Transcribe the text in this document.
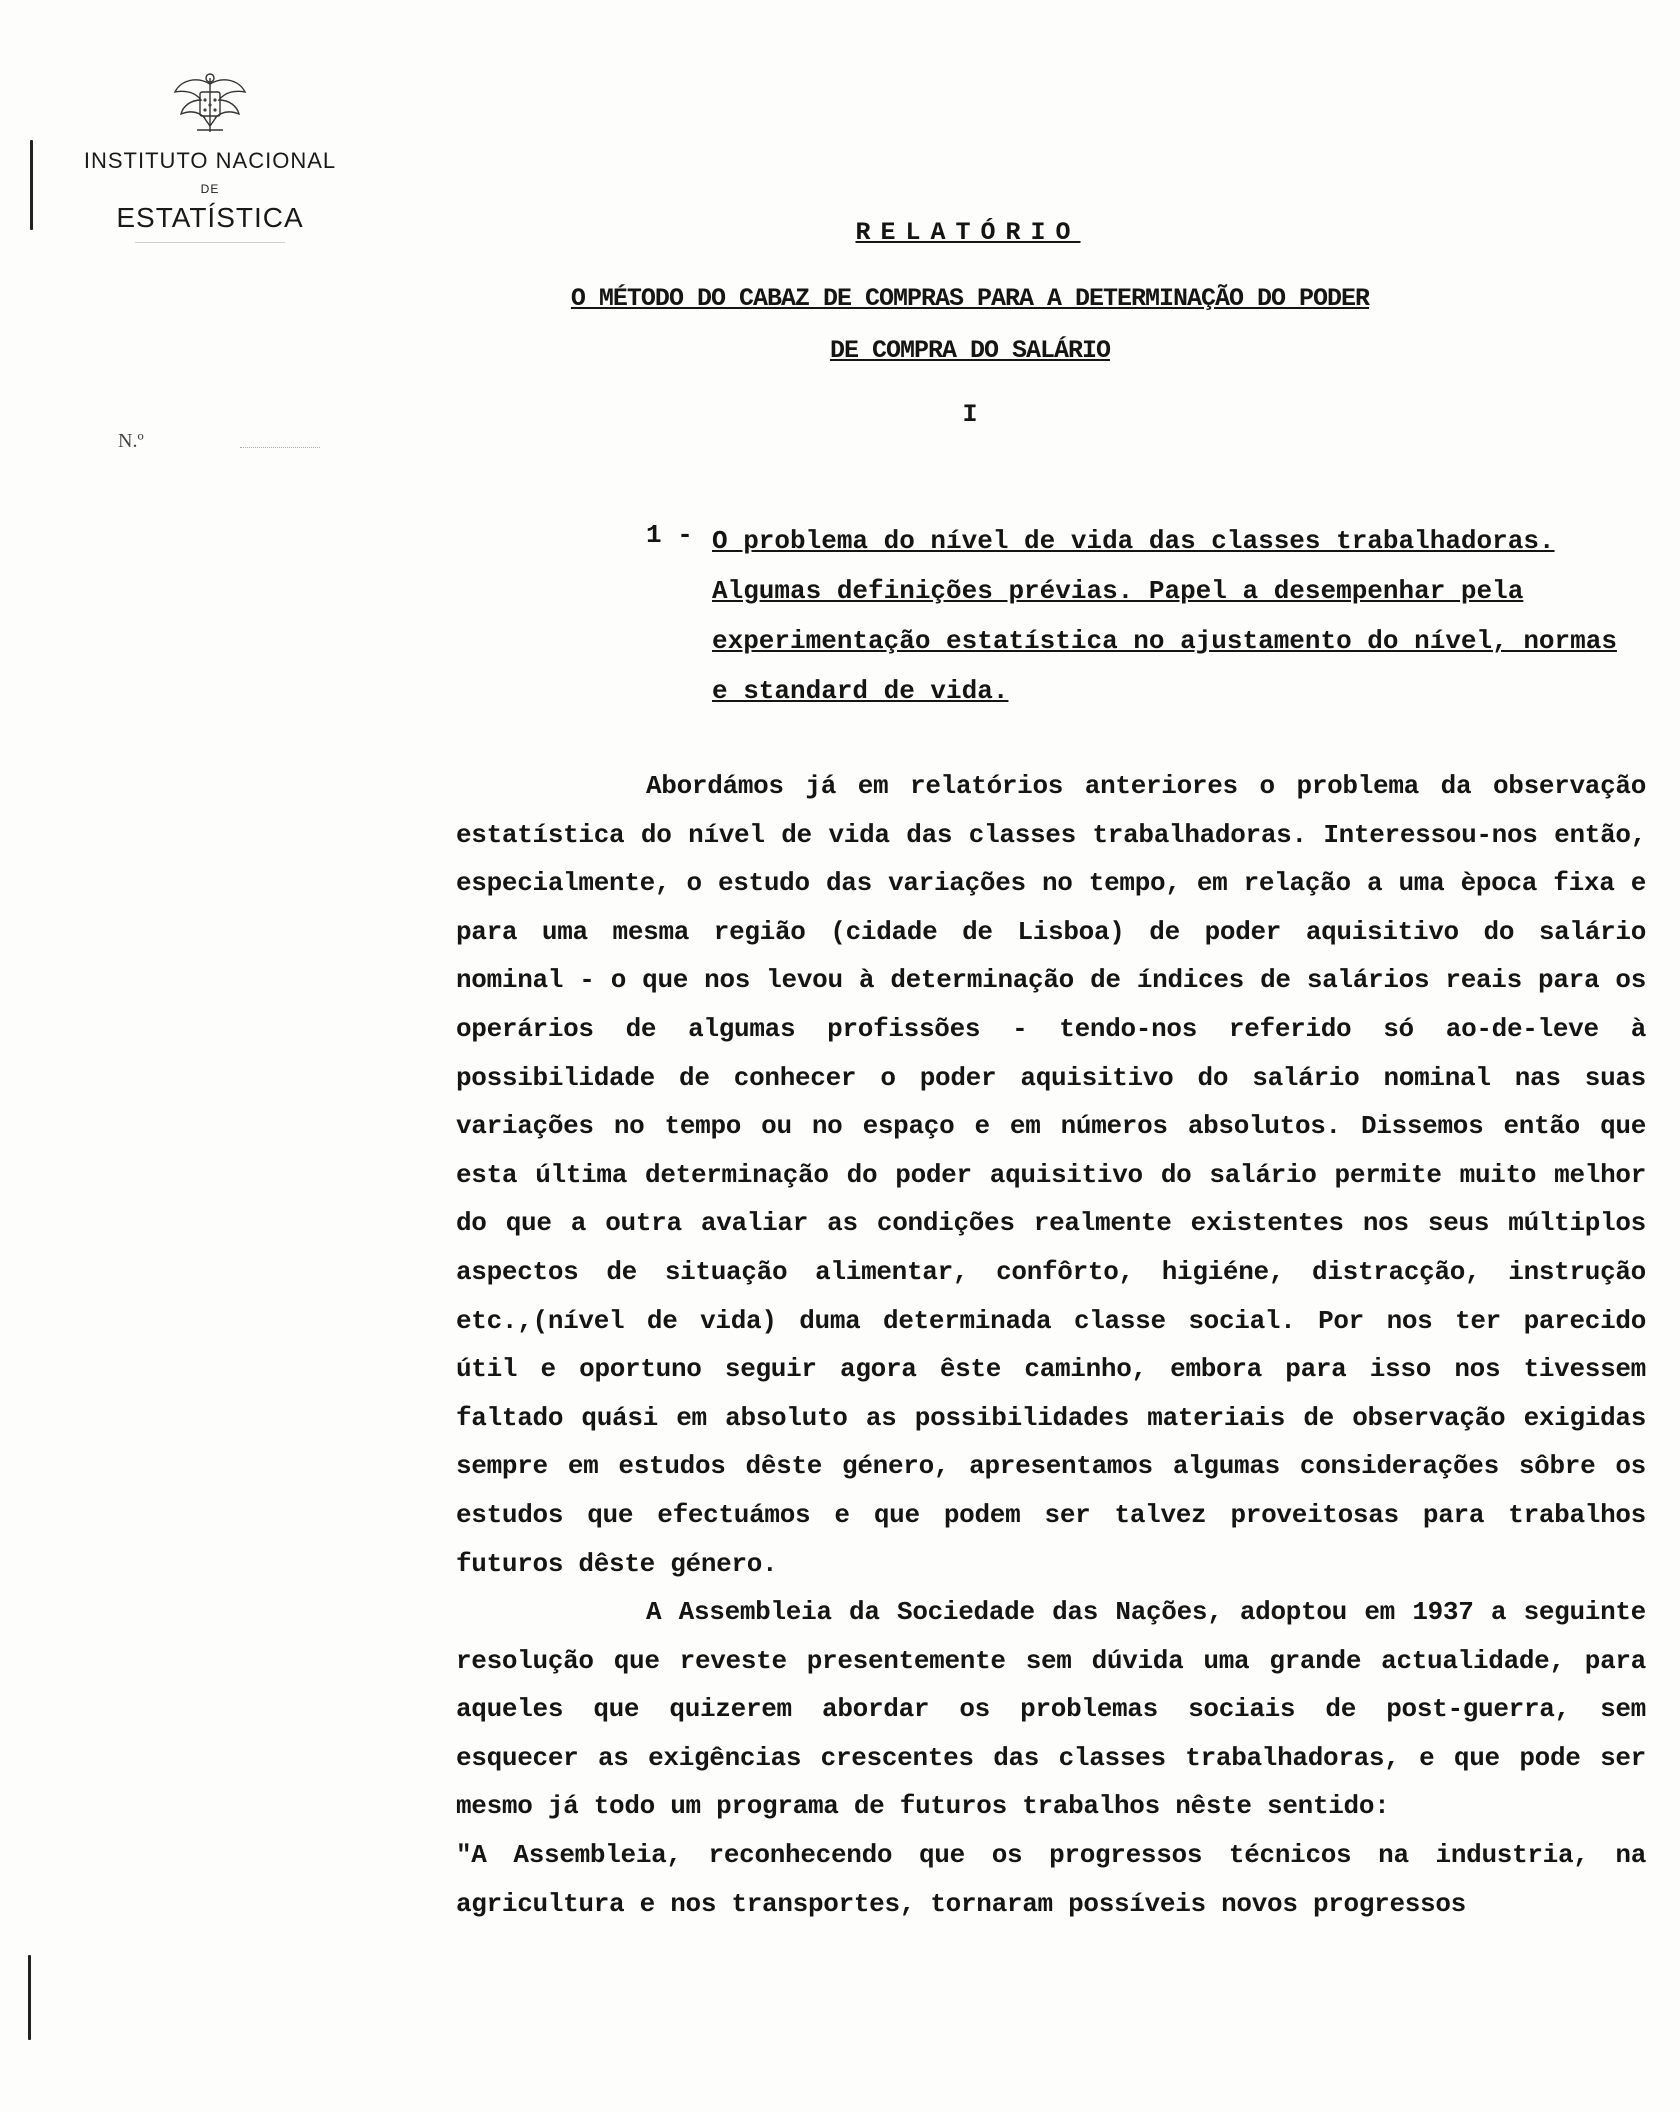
INSTITUTO NACIONAL
DE
ESTATÍSTICA
N.º
RELATÓRIO
O MÉTODO DO CABAZ DE COMPRAS PARA A DETERMINAÇÃO DO PODER
DE COMPRA DO SALÁRIO
I
1 - O problema do nível de vida das classes trabalhadoras. Algumas definições prévias. Papel a desempenhar pela experimentação estatística no ajustamento do nível, normas e standard de vida.

Abordámos já em relatórios anteriores o problema da observação estatística do nível de vida das classes trabalhadoras. Interessou-nos então, especialmente, o estudo das variações no tempo, em relação a uma època fixa e para uma mesma região (cidade de Lisboa) de poder aquisitivo do salário nominal - o que nos levou à determinação de índices de salários reais para os operários de algumas profissões - tendo-nos referido só ao-de-leve à possibilidade de conhecer o poder aquisitivo do salário nominal nas suas variações no tempo ou no espaço e em números absolutos. Dissemos então que esta última determinação do poder aquisitivo do salário permite muito melhor do que a outra avaliar as condições realmente existentes nos seus múltiplos aspectos de situação alimentar, confôrto, higiéne, distracção, instrução etc.,(nível de vida) duma determinada classe social. Por nos ter parecido útil e oportuno seguir agora êste caminho, embora para isso nos tivessem faltado quási em absoluto as possibilidades materiais de observação exigidas sempre em estudos dêste género, apresentamos algumas considerações sôbre os estudos que efectuámos e que podem ser talvez proveitosas para trabalhos futuros dêste género.

A Assembleia da Sociedade das Nações, adoptou em 1937 a seguinte resolução que reveste presentemente sem dúvida uma grande actualidade, para aqueles que quizerem abordar os problemas sociais de post-guerra, sem esquecer as exigências crescentes das classes trabalhadoras, e que pode ser mesmo já todo um programa de futuros trabalhos nêste sentido:

"A Assembleia, reconhecendo que os progressos técnicos na industria, na agricultura e nos transportes, tornaram possíveis novos progressos
